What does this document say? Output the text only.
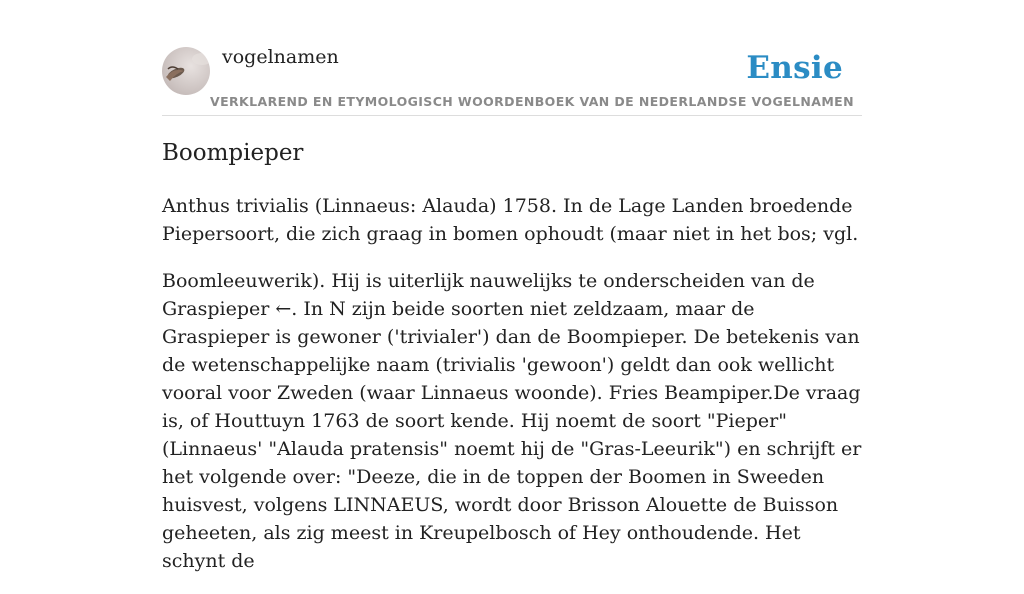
vogelnamen	Ensie
VERKLAREND EN ETYMOLOGISCH WOORDENBOEK VAN DE NEDERLANDSE VOGELNAMEN
Boompieper

Anthus trivialis (Linnaeus: Alauda) 1758. In de Lage Landen broedende Piepersoort, die zich graag in bomen ophoudt (maar niet in het bos; vgl.

Boomleeuwerik). Hij is uiterlijk nauwelijks te onderscheiden van de Graspieper ←. In N zijn beide soorten niet zeldzaam, maar de Graspieper is gewoner ('trivialer') dan de Boompieper. De betekenis van de wetenschappelijke naam (trivialis 'gewoon') geldt dan ook wellicht vooral voor Zweden (waar Linnaeus woonde). Fries Beampiper.De vraag is, of Houttuyn 1763 de soort kende. Hij noemt de soort "Pieper" (Linnaeus' "Alauda pratensis" noemt hij de "Gras-Leeurik") en schrijft er het volgende over: "Deeze, die in de toppen der Boomen in Sweeden huisvest, volgens LINNAEUS, wordt door Brisson Alouette de Buisson geheeten, als zig meest in Kreupelbosch of Hey onthoudende. Het schynt de
